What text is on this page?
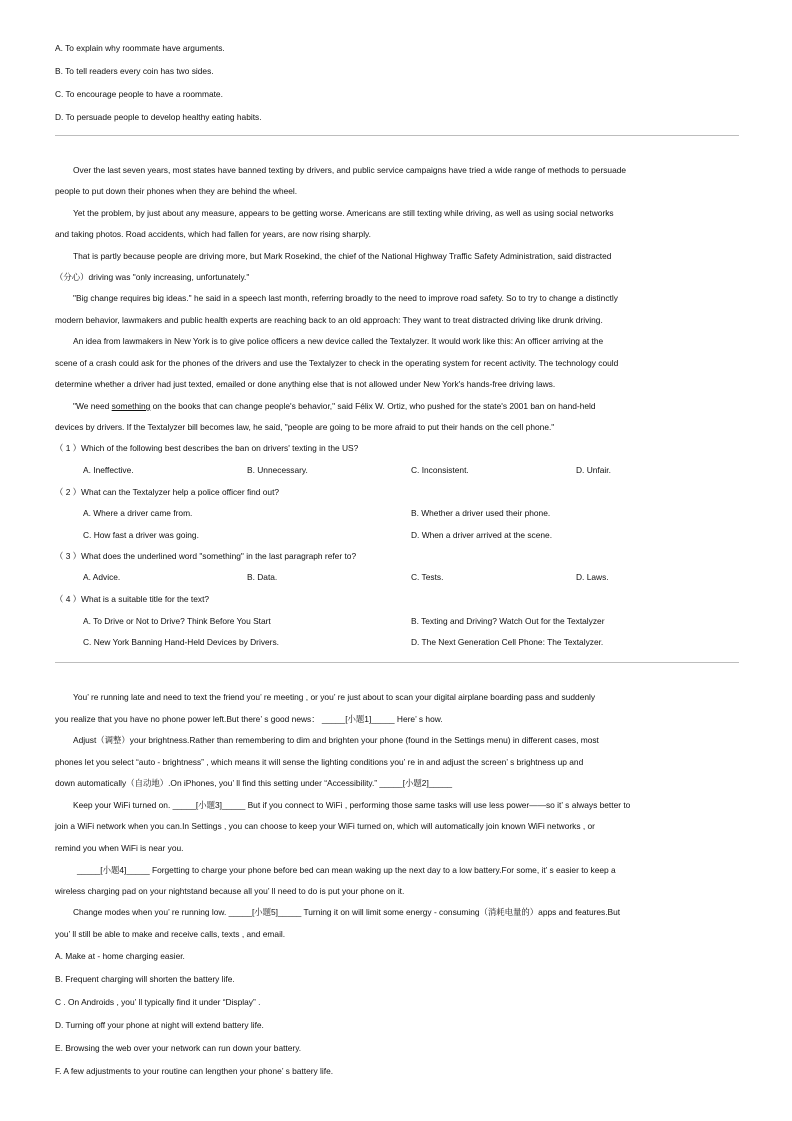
A. To explain why roommate have arguments.
B. To tell readers every coin has two sides.
C. To encourage people to have a roommate.
D. To persuade people to develop healthy eating habits.
Over the last seven years, most states have banned texting by drivers, and public service campaigns have tried a wide range of methods to persuade
people to put down their phones when they are behind the wheel.
Yet the problem, by just about any measure, appears to be getting worse. Americans are still texting while driving, as well as using social networks
and taking photos. Road accidents, which had fallen for years, are now rising sharply.
That is partly because people are driving more, but Mark Rosekind, the chief of the National Highway Traffic Safety Administration, said distracted
（分心）driving was "only increasing, unfortunately."
"Big change requires big ideas." he said in a speech last month, referring broadly to the need to improve road safety. So to try to change a distinctly
modern behavior, lawmakers and public health experts are reaching back to an old approach: They want to treat distracted driving like drunk driving.
An idea from lawmakers in New York is to give police officers a new device called the Textalyzer. It would work like this: An officer arriving at the
scene of a crash could ask for the phones of the drivers and use the Textalyzer to check in the operating system for recent activity. The technology could
determine whether a driver had just texted, emailed or done anything else that is not allowed under New York's hands-free driving laws.
"We need something on the books that can change people's behavior," said Félix W. Ortiz, who pushed for the state's 2001 ban on hand-held
devices by drivers. If the Textalyzer bill becomes law, he said, "people are going to be more afraid to put their hands on the cell phone."
（ 1 ）Which of the following best describes the ban on drivers' texting in the US?
A. Ineffective.	B. Unnecessary.	C. Inconsistent.	D. Unfair.
（ 2 ）What can the Textalyzer help a police officer find out?
A. Where a driver came from.	B. Whether a driver used their phone.
C. How fast a driver was going.	D. When a driver arrived at the scene.
（ 3 ）What does the underlined word "something" in the last paragraph refer to?
A. Advice.	B. Data.	C. Tests.	D. Laws.
（ 4 ）What is a suitable title for the text?
A. To Drive or Not to Drive? Think Before You Start	B. Texting and Driving? Watch Out for the Textalyzer
C. New York Banning Hand-Held Devices by Drivers.	D. The Next Generation Cell Phone: The Textalyzer.
You’ re running late and need to text the friend you’ re meeting , or you’ re just about to scan your digital airplane boarding pass and suddenly
you realize that you have no phone power left.But there’ s good news： _____[小题1]_____ Here’ s how.
Adjust（调整）your brightness.Rather than remembering to dim and brighten your phone (found in the Settings menu) in different cases, most
phones let you select “auto - brightness” , which means it will sense the lighting conditions you’ re in and adjust the screen’ s brightness up and
down automatically（自动地）.On iPhones, you’ ll find this setting under “Accessibility.” _____[小题2]_____
Keep your WiFi turned on. _____[小题3]_____ But if you connect to WiFi , performing those same tasks will use less power——so it’ s always better to
join a WiFi network when you can.In Settings , you can choose to keep your WiFi turned on, which will automatically join known WiFi networks , or
remind you when WiFi is near you.
_____[小题4]_____ Forgetting to charge your phone before bed can mean waking up the next day to a low battery.For some, it’ s easier to keep a
wireless charging pad on your nightstand because all you’ ll need to do is put your phone on it.
Change modes when you’ re running low. _____[小题5]_____ Turning it on will limit some energy - consuming（消耗电量的）apps and features.But
you’ ll still be able to make and receive calls, texts , and email.
A. Make at - home charging easier.
B. Frequent charging will shorten the battery life.
C . On Androids , you’ ll typically find it under “Display” .
D. Turning off your phone at night will extend battery life.
E. Browsing the web over your network can run down your battery.
F. A few adjustments to your routine can lengthen your phone’ s battery life.
